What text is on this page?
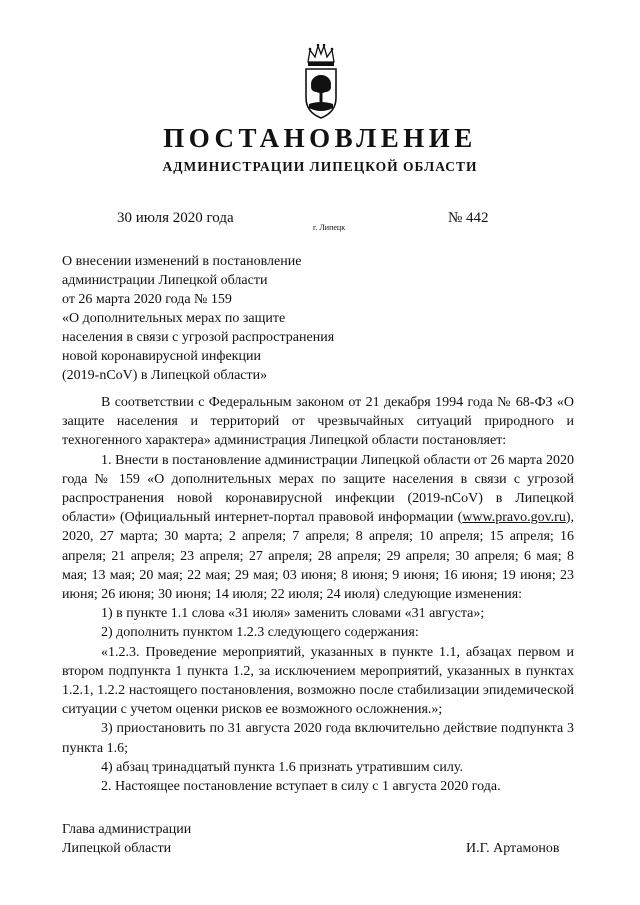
ПОСТАНОВЛЕНИЕ
АДМИНИСТРАЦИИ ЛИПЕЦКОЙ ОБЛАСТИ
30 июля 2020 года
г. Липецк
№ 442
О внесении изменений в постановление
администрации Липецкой области
от 26 марта 2020 года № 159
«О дополнительных мерах по защите
населения в связи с угрозой распространения
новой коронавирусной инфекции
(2019-nCoV) в Липецкой области»

В соответствии с Федеральным законом от 21 декабря 1994 года № 68-ФЗ «О защите населения и территорий от чрезвычайных ситуаций природного и техногенного характера» администрация Липецкой области постановляет:

1. Внести в постановление администрации Липецкой области от 26 марта 2020 года № 159 «О дополнительных мерах по защите населения в связи с угрозой распространения новой коронавирусной инфекции (2019-nCoV) в Липецкой области» (Официальный интернет-портал правовой информации (www.pravo.gov.ru), 2020, 27 марта; 30 марта; 2 апреля; 7 апреля; 8 апреля; 10 апреля; 15 апреля; 16 апреля; 21 апреля; 23 апреля; 27 апреля; 28 апреля; 29 апреля; 30 апреля; 6 мая; 8 мая; 13 мая; 20 мая; 22 мая; 29 мая; 03 июня; 8 июня; 9 июня; 16 июня; 19 июня; 23 июня; 26 июня; 30 июня; 14 июля; 22 июля; 24 июля) следующие изменения:

1) в пункте 1.1 слова «31 июля» заменить словами «31 августа»;

2) дополнить пунктом 1.2.3 следующего содержания:

«1.2.3. Проведение мероприятий, указанных в пункте 1.1, абзацах первом и втором подпункта 1 пункта 1.2, за исключением мероприятий, указанных в пунктах 1.2.1, 1.2.2 настоящего постановления, возможно после стабилизации эпидемической ситуации с учетом оценки рисков ее возможного осложнения.»;

3) приостановить по 31 августа 2020 года включительно действие подпункта 3 пункта 1.6;

4) абзац тринадцатый пункта 1.6 признать утратившим силу.

2. Настоящее постановление вступает в силу с 1 августа 2020 года.

Глава администрации
Липецкой области	И.Г. Артамонов
